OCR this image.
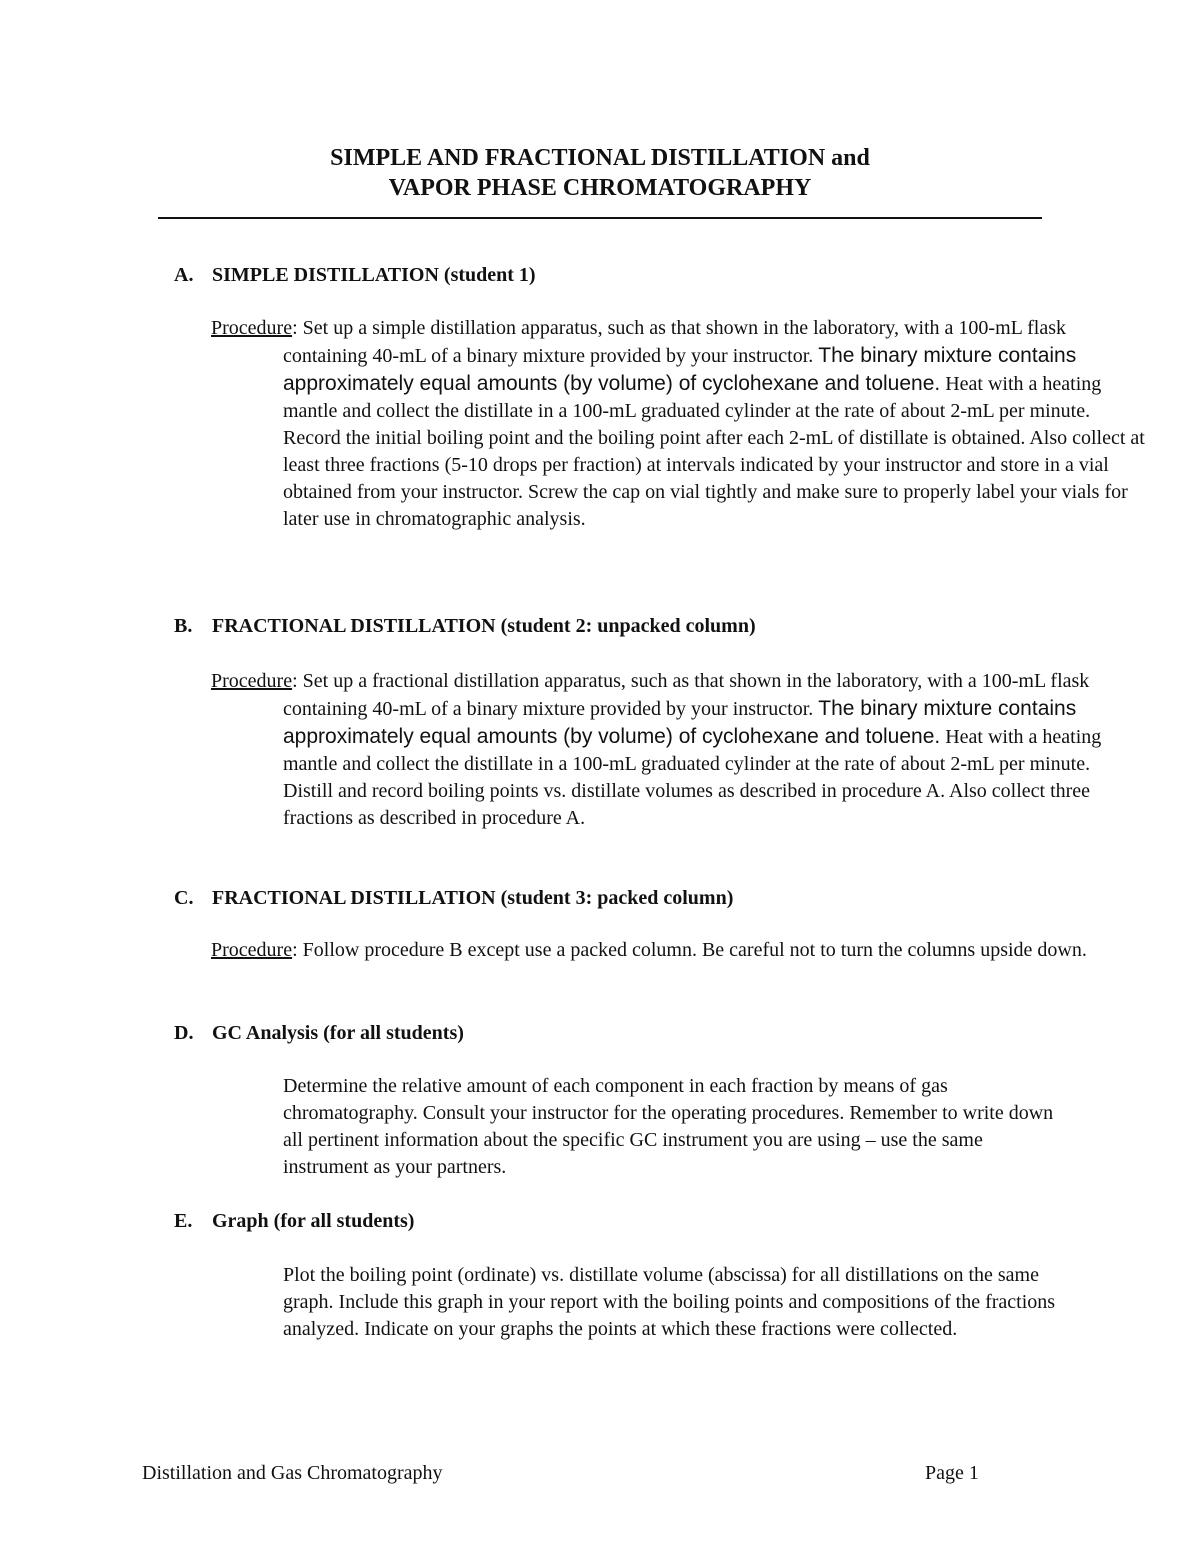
SIMPLE AND FRACTIONAL DISTILLATION and
VAPOR PHASE CHROMATOGRAPHY
A. SIMPLE DISTILLATION (student 1)
Procedure: Set up a simple distillation apparatus, such as that shown in the laboratory, with a 100-mL flask containing 40-mL of a binary mixture provided by your instructor. The binary mixture contains approximately equal amounts (by volume) of cyclohexane and toluene. Heat with a heating mantle and collect the distillate in a 100-mL graduated cylinder at the rate of about 2-mL per minute. Record the initial boiling point and the boiling point after each 2-mL of distillate is obtained. Also collect at least three fractions (5-10 drops per fraction) at intervals indicated by your instructor and store in a vial obtained from your instructor. Screw the cap on vial tightly and make sure to properly label your vials for later use in chromatographic analysis.
B. FRACTIONAL DISTILLATION (student 2: unpacked column)
Procedure: Set up a fractional distillation apparatus, such as that shown in the laboratory, with a 100-mL flask containing 40-mL of a binary mixture provided by your instructor. The binary mixture contains approximately equal amounts (by volume) of cyclohexane and toluene. Heat with a heating mantle and collect the distillate in a 100-mL graduated cylinder at the rate of about 2-mL per minute. Distill and record boiling points vs. distillate volumes as described in procedure A. Also collect three fractions as described in procedure A.
C. FRACTIONAL DISTILLATION (student 3: packed column)
Procedure: Follow procedure B except use a packed column. Be careful not to turn the columns upside down.
D. GC Analysis (for all students)
Determine the relative amount of each component in each fraction by means of gas chromatography. Consult your instructor for the operating procedures. Remember to write down all pertinent information about the specific GC instrument you are using – use the same instrument as your partners.
E. Graph (for all students)
Plot the boiling point (ordinate) vs. distillate volume (abscissa) for all distillations on the same graph. Include this graph in your report with the boiling points and compositions of the fractions analyzed. Indicate on your graphs the points at which these fractions were collected.
Distillation and Gas Chromatography	Page 1
